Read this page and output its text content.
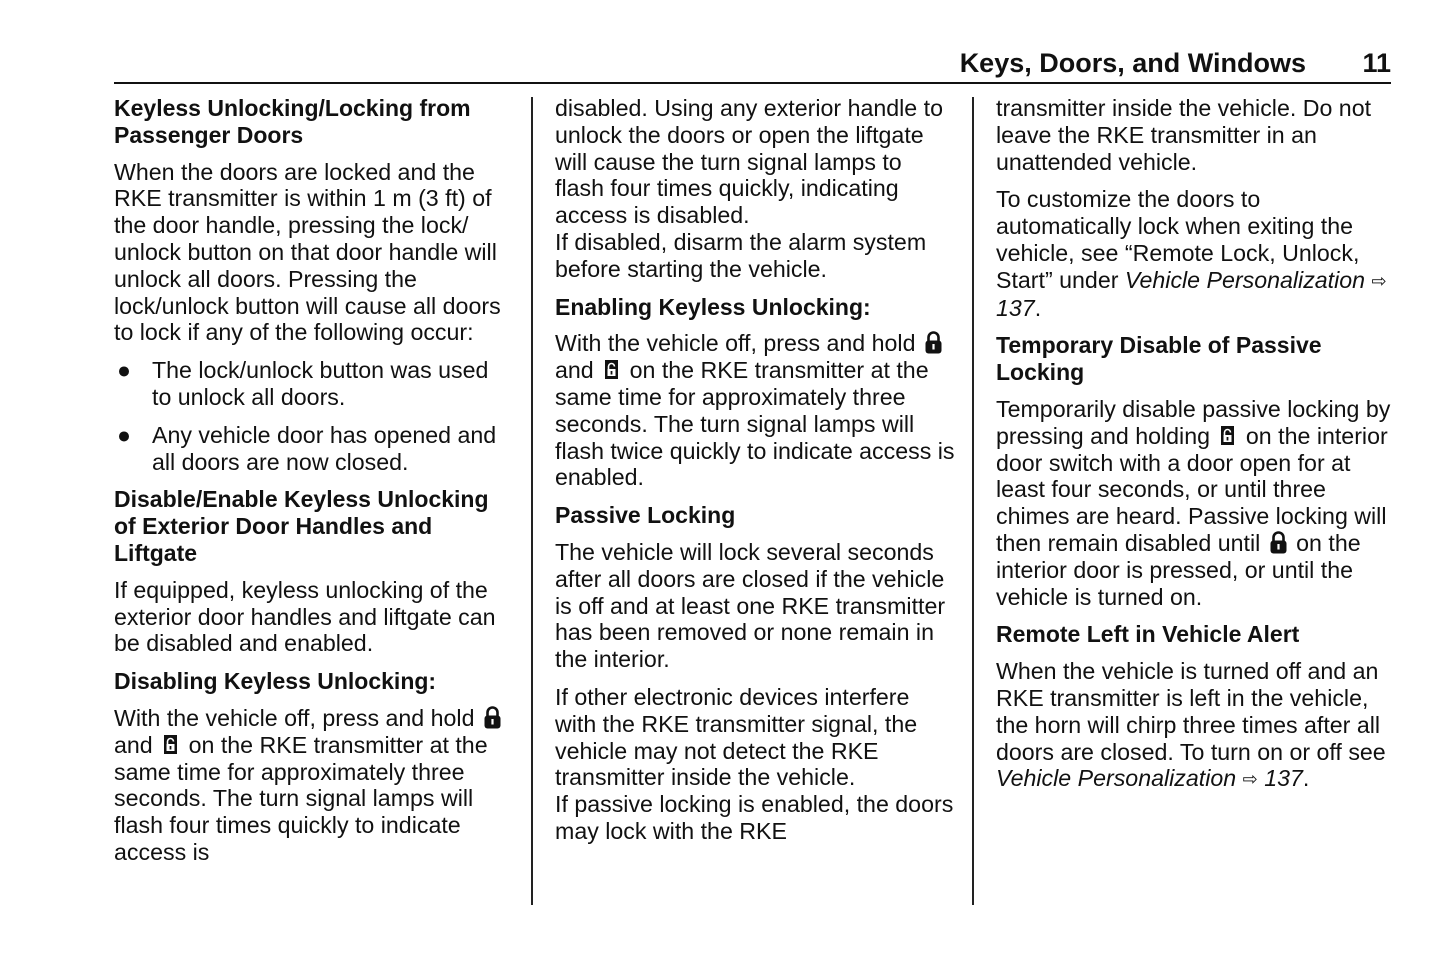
Keys, Doors, and Windows 11
Keyless Unlocking/Locking from Passenger Doors

When the doors are locked and the RKE transmitter is within 1 m (3 ft) of the door handle, pressing the lock/ unlock button on that door handle will unlock all doors. Pressing the lock/unlock button will cause all doors to lock if any of the following occur:

● The lock/unlock button was used to unlock all doors.
● Any vehicle door has opened and all doors are now closed.
Disable/Enable Keyless Unlocking of Exterior Door Handles and Liftgate

If equipped, keyless unlocking of the exterior door handles and liftgate can be disabled and enabled.

Disabling Keyless Unlocking:

With the vehicle off, press and hold
and on the RKE transmitter at the same time for approximately three seconds. The turn signal lamps will flash four times quickly to indicate access is

disabled. Using any exterior handle to unlock the doors or open the liftgate will cause the turn signal lamps to flash four times quickly, indicating access is disabled.

If disabled, disarm the alarm system before starting the vehicle.

Enabling Keyless Unlocking:

With the vehicle off, press and hold
and on the RKE transmitter at the same time for approximately three seconds. The turn signal lamps will flash twice quickly to indicate access is enabled.

Passive Locking

The vehicle will lock several seconds after all doors are closed if the vehicle is off and at least one RKE transmitter has been removed or none remain in the interior.

If other electronic devices interfere with the RKE transmitter signal, the vehicle may not detect the RKE transmitter inside the vehicle.

If passive locking is enabled, the doors may lock with the RKE

transmitter inside the vehicle. Do not leave the RKE transmitter in an unattended vehicle.

To customize the doors to automatically lock when exiting the vehicle, see “Remote Lock, Unlock, Start” under Vehicle Personalization ⇨ 137.

Temporary Disable of Passive Locking

Temporarily disable passive locking by pressing and holding on the interior door switch with a door open for at least four seconds, or until three chimes are heard. Passive locking will then remain disabled until on the interior door is pressed, or until the vehicle is turned on.

Remote Left in Vehicle Alert

When the vehicle is turned off and an RKE transmitter is left in the vehicle, the horn will chirp three times after all doors are closed. To turn on or off see Vehicle Personalization ⇨ 137.
